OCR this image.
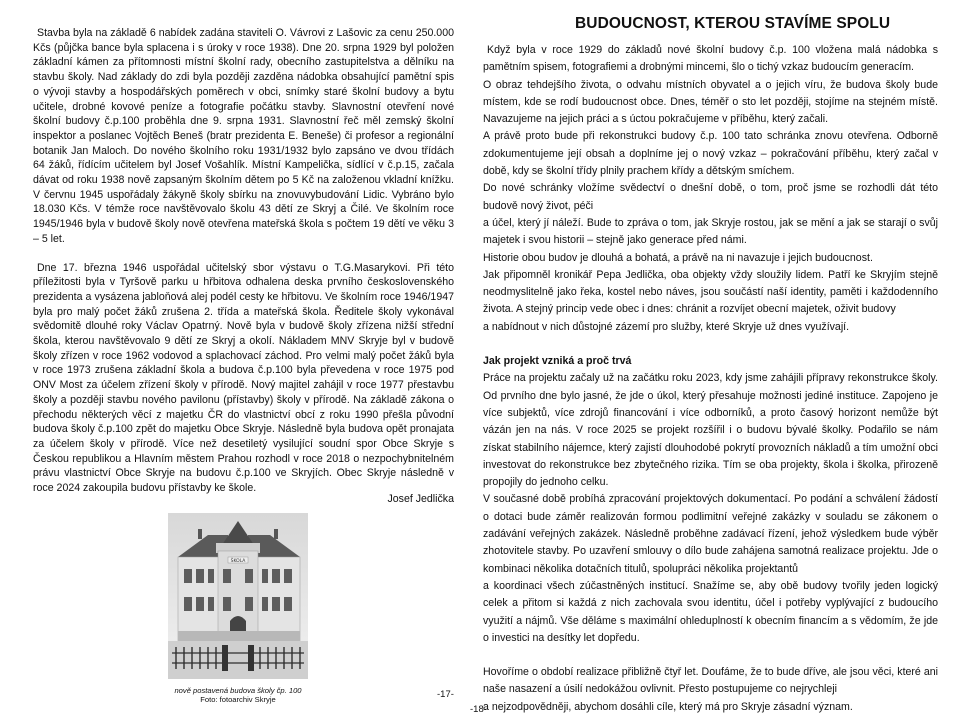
Stavba byla na základě 6 nabídek zadána staviteli O. Vávrovi z Lašovic za cenu 250.000 Kčs (půjčka bance byla splacena i s úroky v roce 1938). Dne 20. srpna 1929 byl položen základní kámen za přítomnosti místní školní rady, obecního zastupitelstva a dělníku na stavbu školy. Nad základy do zdi byla později zazděna nádobka obsahující pamětní spis o vývoji stavby a hospodářských poměrech v obci, snímky staré školní budovy a bytu učitele, drobné kovové peníze a fotografie počátku stavby. Slavnostní otevření nové školní budovy č.p.100 proběhla dne 9. srpna 1931. Slavnostní řeč měl zemský školní inspektor a poslanec Vojtěch Beneš (bratr prezidenta E. Beneše) či profesor a regionální botanik Jan Maloch. Do nového školního roku 1931/1932 bylo zapsáno ve dvou třídách 64 žáků, řídícím učitelem byl Josef Vošahlík. Místní Kampelička, sídlící v č.p.15, začala dávat od roku 1938 nově zapsaným školním dětem po 5 Kč na založenou vkladní knížku. V červnu 1945 uspořádaly žákyně školy sbírku na znovuvybudování Lidic. Vybráno bylo 18.030 Kčs. V témže roce navštěvovalo školu 43 dětí ze Skryj a Čilé. Ve školním roce 1945/1946 byla v budově školy nově otevřena mateřská škola s počtem 19 dětí ve věku 3 – 5 let.

Dne 17. března 1946 uspořádal učitelský sbor výstavu o T.G.Masarykovi. Při této příležitosti byla v Tyršově parku u hřbitova odhalena deska prvního československého prezidenta a vysázena jabloňová alej podél cesty ke hřbitovu. Ve školním roce 1946/1947 byla pro malý počet žáků zrušena 2. třída a mateřská škola. Ředitele školy vykonával svědomitě dlouhé roky Václav Opatrný. Nově byla v budově školy zřízena nižší střední škola, kterou navštěvovalo 9 dětí ze Skryj a okolí. Nákladem MNV Skryje byl v budově školy zřízen v roce 1962 vodovod a splachovací záchod. Pro velmi malý počet žáků byla v roce 1973 zrušena základní škola a budova č.p.100 byla převedena v roce 1975 pod ONV Most za účelem zřízení školy v přírodě. Nový majitel zahájil v roce 1977 přestavbu školy a později stavbu nového pavilonu (přístavby) školy v přírodě. Na základě zákona o přechodu některých věcí z majetku ČR do vlastnictví obcí z roku 1990 přešla původní budova školy č.p.100 zpět do majetku Obce Skryje. Následně byla budova opět pronajata za účelem školy v přírodě. Více než desetiletý vysilující soudní spor Obce Skryje s Českou republikou a Hlavním městem Prahou rozhodl v roce 2018 o nezpochybnitelném právu vlastnictví Obce Skryje na budovu č.p.100 ve Skryjích. Obec Skryje následně v roce 2024 zakoupila budovu přístavby ke škole.

Josef Jedlička
ŠKOLA
nově postavená budova školy čp. 100
Foto: fotoarchiv Skryje	-17-
-18-
BUDOUCNOST, KTEROU STAVÍME SPOLU

Když byla v roce 1929 do základů nové školní budovy č.p. 100 vložena malá nádobka s pamětním spisem, fotografiemi a drobnými mincemi, šlo o tichý vzkaz budoucím generacím.

O obraz tehdejšího života, o odvahu místních obyvatel a o jejich víru, že budova školy bude místem, kde se rodí budoucnost obce. Dnes, téměř o sto let později, stojíme na stejném místě. Navazujeme na jejich práci a s úctou pokračujeme v příběhu, který začali.

A právě proto bude při rekonstrukci budovy č.p. 100 tato schránka znovu otevřena. Odborně zdokumentujeme její obsah a doplníme jej o nový vzkaz – pokračování příběhu, který začal v době, kdy se školní třídy plnily prachem křídy a dětským smíchem.

Do nové schránky vložíme svědectví o dnešní době, o tom, proč jsme se rozhodli dát této budově nový život, péči

a účel, který jí náleží. Bude to zpráva o tom, jak Skryje rostou, jak se mění a jak se starají o svůj majetek i svou historii – stejně jako generace před námi.

Historie obou budov je dlouhá a bohatá, a právě na ni navazuje i jejich budoucnost.

Jak připomněl kronikář Pepa Jedlička, oba objekty vždy sloužily lidem. Patří ke Skryjím stejně neodmyslitelně jako řeka, kostel nebo náves, jsou součástí naší identity, paměti i každodenního života. A stejný princip vede obec i dnes: chránit a rozvíjet obecní majetek, oživit budovy

a nabídnout v nich důstojné zázemí pro služby, které Skryje už dnes využívají.

Jak projekt vzniká a proč trvá

Práce na projektu začaly už na začátku roku 2023, kdy jsme zahájili přípravy rekonstrukce školy. Od prvního dne bylo jasné, že jde o úkol, který přesahuje možnosti jediné instituce. Zapojeno je více subjektů, více zdrojů financování i více odborníků, a proto časový horizont nemůže být vázán jen na nás. V roce 2025 se projekt rozšířil i o budovu bývalé školky. Podařilo se nám získat stabilního nájemce, který zajistí dlouhodobé pokrytí provozních nákladů a tím umožní obci investovat do rekonstrukce bez zbytečného rizika. Tím se oba projekty, škola i školka, přirozeně propojily do jednoho celku.

V současné době probíhá zpracování projektových dokumentací. Po podání a schválení žádostí o dotaci bude záměr realizován formou podlimitní veřejné zakázky v souladu se zákonem o zadávání veřejných zakázek. Následně proběhne zadávací řízení, jehož výsledkem bude výběr zhotovitele stavby. Po uzavření smlouvy o dílo bude zahájena samotná realizace projektu. Jde o kombinaci několika dotačních titulů, spolupráci několika projektantů

a koordinaci všech zúčastněných institucí. Snažíme se, aby obě budovy tvořily jeden logický celek a přitom si každá z nich zachovala svou identitu, účel i potřeby vyplývající z budoucího využití a nájmů. Vše děláme s maximální ohleduplností k obecním financím a s vědomím, že jde o investici na desítky let dopředu.

Hovoříme o období realizace přibližně čtyř let. Doufáme, že to bude dříve, ale jsou věci, které ani naše nasazení a úsilí nedokážou ovlivnit. Přesto postupujeme co nejrychleji

a nejzodpovědněji, abychom dosáhli cíle, který má pro Skryje zásadní význam.
